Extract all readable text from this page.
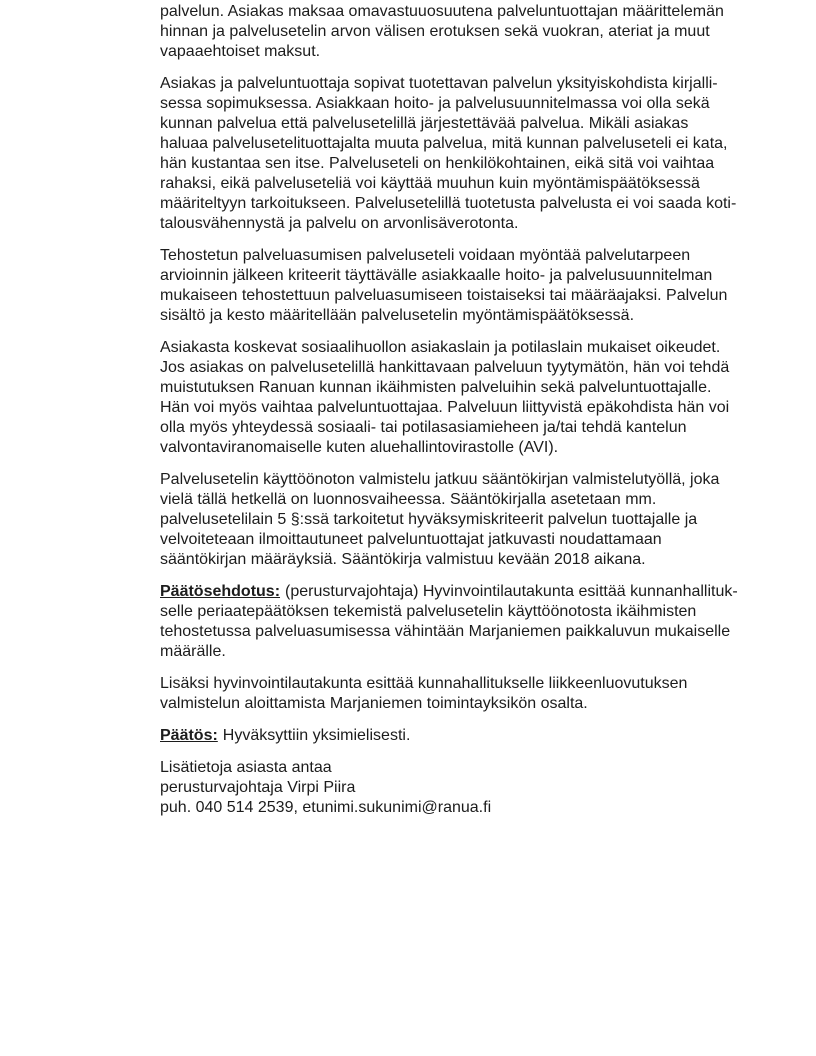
palvelun. Asiakas maksaa omavastuuosuutena palveluntuottajan määrittelemän
hinnan ja palvelusetelin arvon välisen erotuksen sekä vuokran, ateriat ja muut
vapaaehtoiset maksut.

Asiakas ja palveluntuottaja sopivat tuotettavan palvelun yksityiskohdista kirjalli-
sessa sopimuksessa. Asiakkaan hoito- ja palvelusuunnitelmassa voi olla sekä
kunnan palvelua että palvelusetelillä järjestettävää palvelua. Mikäli asiakas
haluaa palvelusetelituottajalta muuta palvelua, mitä kunnan palveluseteli ei kata,
hän kustantaa sen itse. Palveluseteli on henkilökohtainen, eikä sitä voi vaihtaa
rahaksi, eikä palveluseteliä voi käyttää muuhun kuin myöntämispäätöksessä
määriteltyyn tarkoitukseen. Palvelusetelillä tuotetusta palvelusta ei voi saada koti-
talousvähennystä ja palvelu on arvonlisäverotonta.

Tehostetun palveluasumisen palveluseteli voidaan myöntää palvelutarpeen
arvioinnin jälkeen kriteerit täyttävälle asiakkaalle hoito- ja palvelusuunnitelman
mukaiseen tehostettuun palveluasumiseen toistaiseksi tai määräajaksi. Palvelun
sisältö ja kesto määritellään palvelusetelin myöntämispäätöksessä.

Asiakasta koskevat sosiaalihuollon asiakaslain ja potilaslain mukaiset oikeudet.
Jos asiakas on palvelusetelillä hankittavaan palveluun tyytymätön, hän voi tehdä
muistutuksen Ranuan kunnan ikäihmisten palveluihin sekä palveluntuottajalle.
Hän voi myös vaihtaa palveluntuottajaa. Palveluun liittyvistä epäkohdista hän voi
olla myös yhteydessä sosiaali- tai potilasasiamieheen ja/tai tehdä kantelun
valvontaviranomaiselle kuten aluehallintovirastolle (AVI).

Palvelusetelin käyttöönoton valmistelu jatkuu sääntökirjan valmistelutyöllä, joka
vielä tällä hetkellä on luonnosvaiheessa. Sääntökirjalla asetetaan mm.
palvelusetelilain 5 §:ssä tarkoitetut hyväksymiskriteerit palvelun tuottajalle ja
velvoiteteaan ilmoittautuneet palveluntuottajat jatkuvasti noudattamaan
sääntökirjan määräyksiä. Sääntökirja valmistuu kevään 2018 aikana.

Päätösehdotus: (perusturvajohtaja) Hyvinvointilautakunta esittää kunnanhallituk-
selle periaatepäätöksen tekemistä palvelusetelin käyttöönotosta ikäihmisten
tehostetussa palveluasumisessa vähintään Marjaniemen paikkaluvun mukaiselle
määrälle.

Lisäksi hyvinvointilautakunta esittää kunnahallitukselle liikkeenluovutuksen
valmistelun aloittamista Marjaniemen toimintayksikön osalta.

Päätös: Hyväksyttiin yksimielisesti.

Lisätietoja asiasta antaa
perusturvajohtaja Virpi Piira
puh. 040 514 2539, etunimi.sukunimi@ranua.fi
